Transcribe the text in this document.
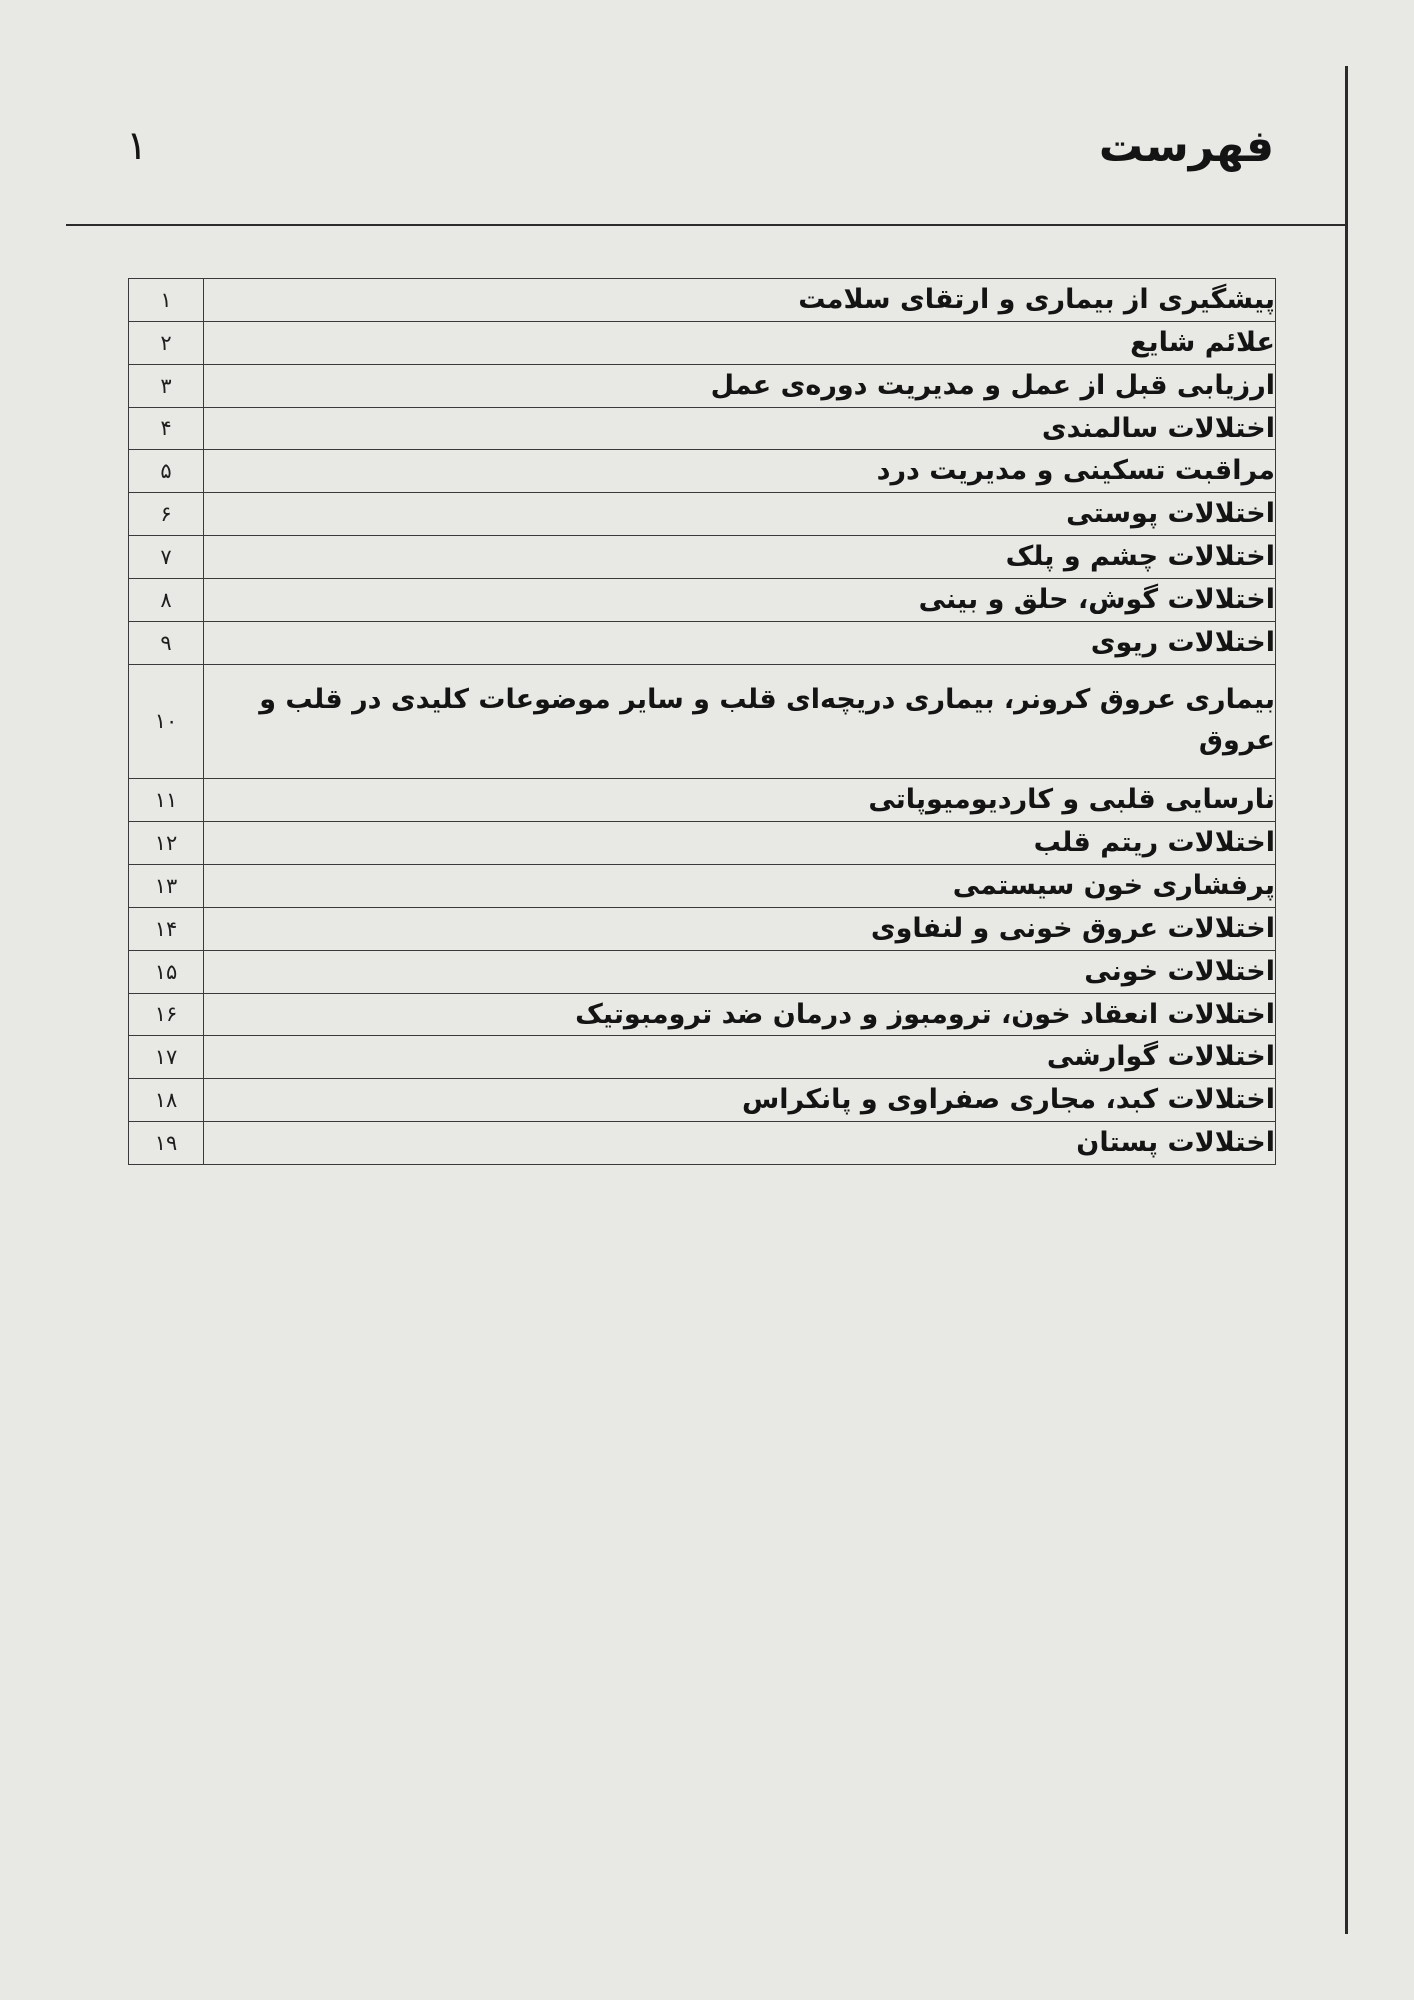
فهرست
۱
پیشگیری از بیماری و ارتقای سلامت	۱
علائم شایع	۲
ارزیابی قبل از عمل و مدیریت دوره‌ی عمل	۳
اختلالات سالمندی	۴
مراقبت تسکینی و مدیریت درد	۵
اختلالات پوستی	۶
اختلالات چشم و پلک	۷
اختلالات گوش، حلق و بینی	۸
اختلالات ریوی	۹
بیماری عروق کرونر، بیماری دریچه‌ای قلب و سایر موضوعات کلیدی در قلب و عروق	۱۰
نارسایی قلبی و کاردیومیوپاتی	۱۱
اختلالات ریتم قلب	۱۲
پرفشاری خون سیستمی	۱۳
اختلالات عروق خونی و لنفاوی	۱۴
اختلالات خونی	۱۵
اختلالات انعقاد خون، ترومبوز و درمان ضد ترومبوتیک	۱۶
اختلالات گوارشی	۱۷
اختلالات کبد، مجاری صفراوی و پانکراس	۱۸
اختلالات پستان	۱۹
